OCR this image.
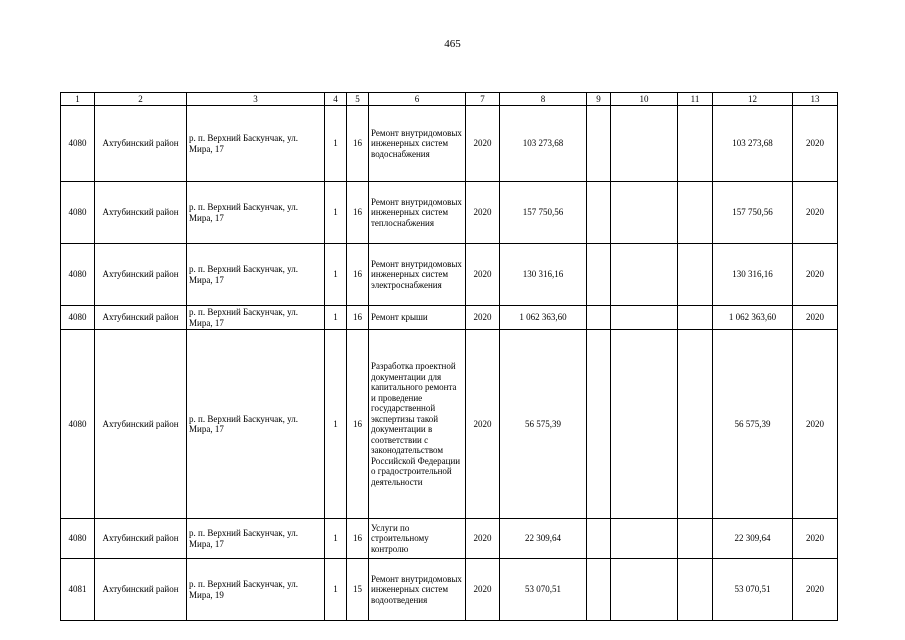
465
1	2	3	4	5	6	7	8	9	10	11	12	13
4080	Ахтубинский район	р. п. Верхний Баскунчак, ул. Мира, 17	1	16	Ремонт внутридомовых инженерных систем водоснабжения	2020	103 273,68				103 273,68	2020
4080	Ахтубинский район	р. п. Верхний Баскунчак, ул. Мира, 17	1	16	Ремонт внутридомовых инженерных систем теплоснабжения	2020	157 750,56				157 750,56	2020
4080	Ахтубинский район	р. п. Верхний Баскунчак, ул. Мира, 17	1	16	Ремонт внутридомовых инженерных систем электроснабжения	2020	130 316,16				130 316,16	2020
4080	Ахтубинский район	р. п. Верхний Баскунчак, ул. Мира, 17	1	16	Ремонт крыши	2020	1 062 363,60				1 062 363,60	2020
4080	Ахтубинский район	р. п. Верхний Баскунчак, ул. Мира, 17	1	16	Разработка проектной документации для капитального ремонта и проведение государственной экспертизы такой документации в соответствии с законодательством Российской Федерации о градостроительной деятельности	2020	56 575,39				56 575,39	2020
4080	Ахтубинский район	р. п. Верхний Баскунчак, ул. Мира, 17	1	16	Услуги по строительному контролю	2020	22 309,64				22 309,64	2020
4081	Ахтубинский район	р. п. Верхний Баскунчак, ул. Мира, 19	1	15	Ремонт внутридомовых инженерных систем водоотведения	2020	53 070,51				53 070,51	2020
